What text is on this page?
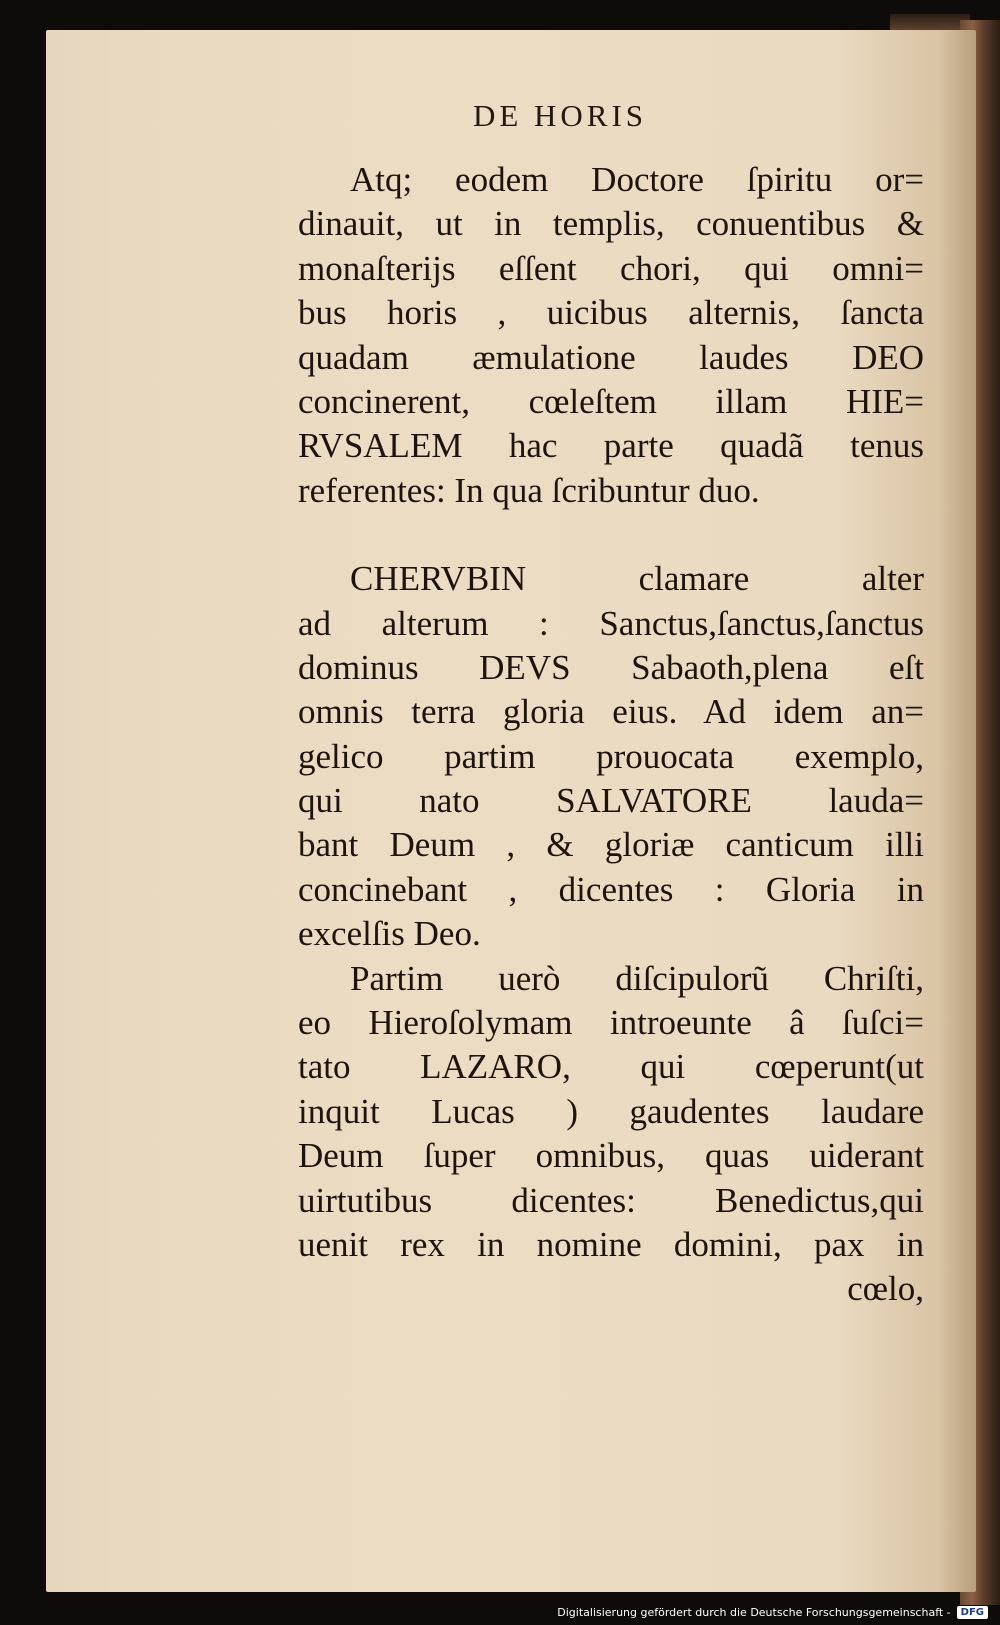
DE HORIS
Atq; eodem Doctore ſpiritu or=
dinauit, ut in templis, conuentibus &
monaſterijs eſſent chori, qui omni=
bus horis , uicibus alternis, ſancta
quadam æmulatione laudes DEO
concinerent, cœleſtem illam HIE=
RVSALEM hac parte quadã tenus
referentes: In qua ſcribuntur duo.
CHERVBIN clamare alter
ad alterum : Sanctus,ſanctus,ſanctus
dominus DEVS Sabaoth,plena eſt
omnis terra gloria eius. Ad idem an=
gelico partim prouocata exemplo,
qui nato SALVATORE lauda=
bant Deum , & gloriæ canticum illi
concinebant , dicentes : Gloria in
excelſis Deo.
Partim uerò diſcipulorũ Chriſti,
eo Hieroſolymam introeunte â ſuſci=
tato LAZARO, qui cœperunt(ut
inquit Lucas ) gaudentes laudare
Deum ſuper omnibus, quas uiderant
uirtutibus dicentes: Benedictus,qui
uenit rex in nomine domini, pax in
cœlo,
Digitalisierung gefördert durch die Deutsche Forschungsgemeinschaft -	DFG
